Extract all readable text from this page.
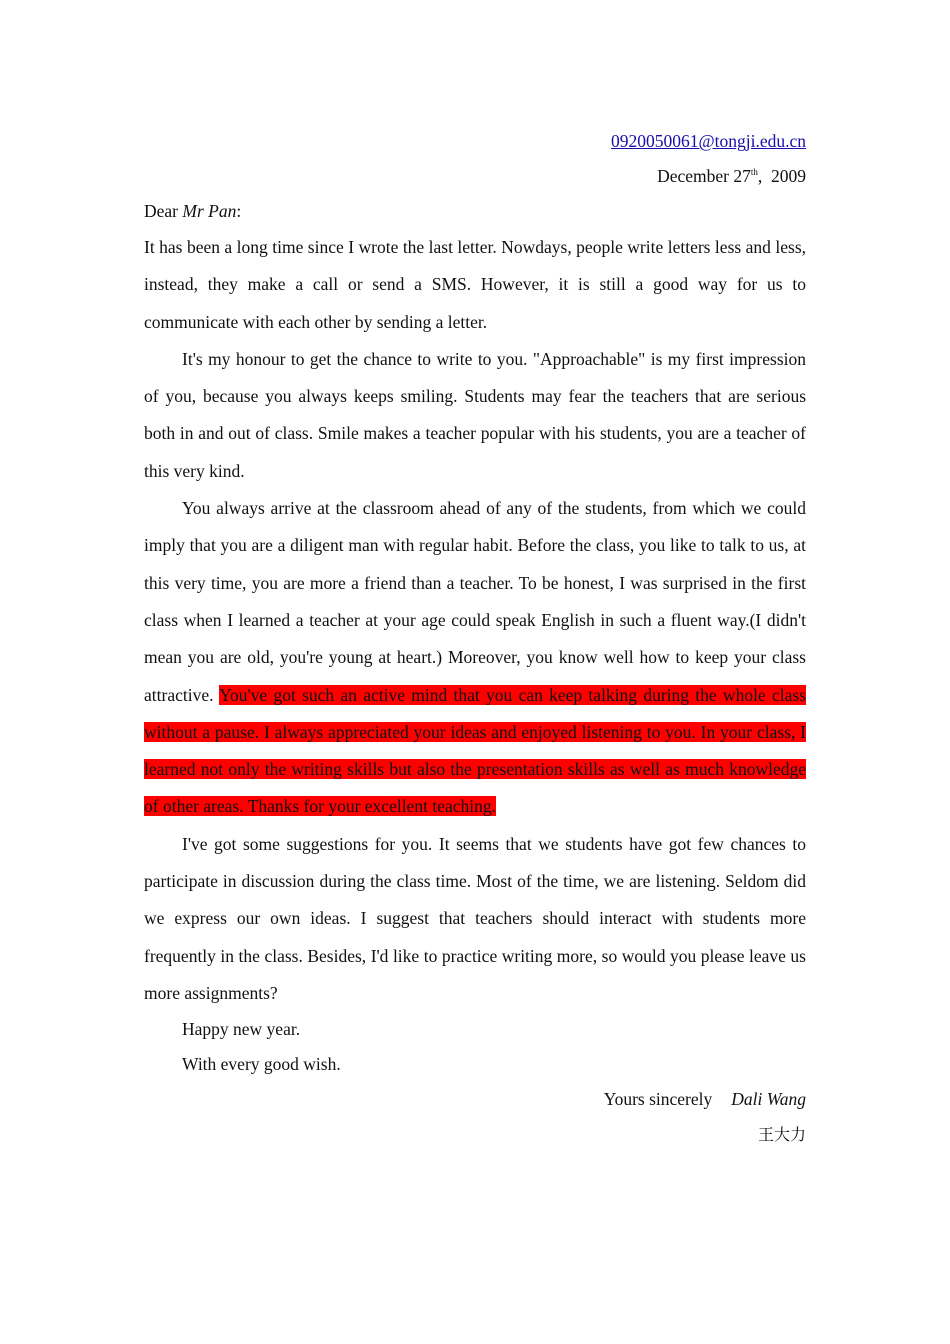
0920050061@tongji.edu.cn
December 27th,  2009
Dear Mr Pan:

It has been a long time since I wrote the last letter. Nowdays, people write letters less and less, instead, they make a call or send a SMS. However, it is still a good way for us to communicate with each other by sending a letter.

It's my honour to get the chance to write to you. "Approachable" is my first impression of you, because you always keeps smiling. Students may fear the teachers that are serious both in and out of class. Smile makes a teacher popular with his students, you are a teacher of this very kind.

You always arrive at the classroom ahead of any of the students, from which we could imply that you are a diligent man with regular habit. Before the class, you like to talk to us, at this very time, you are more a friend than a teacher. To be honest, I was surprised in the first class when I learned a teacher at your age could speak English in such a fluent way.(I didn't mean you are old, you're young at heart.) Moreover, you know well how to keep your class attractive. You've got such an active mind that you can keep talking during the whole class without a pause. I always appreciated your ideas and enjoyed listening to you. In your class, I learned not only the writing skills but also the presentation skills as well as much knowledge of other areas. Thanks for your excellent teaching.

I've got some suggestions for you. It seems that we students have got few chances to participate in discussion during the class time. Most of the time, we are listening. Seldom did we express our own ideas. I suggest that teachers should interact with students more frequently in the class. Besides, I'd like to practice writing more, so would you please leave us more assignments?

Happy new year.
With every good wish.
Yours sincerely Dali Wang
王大力
